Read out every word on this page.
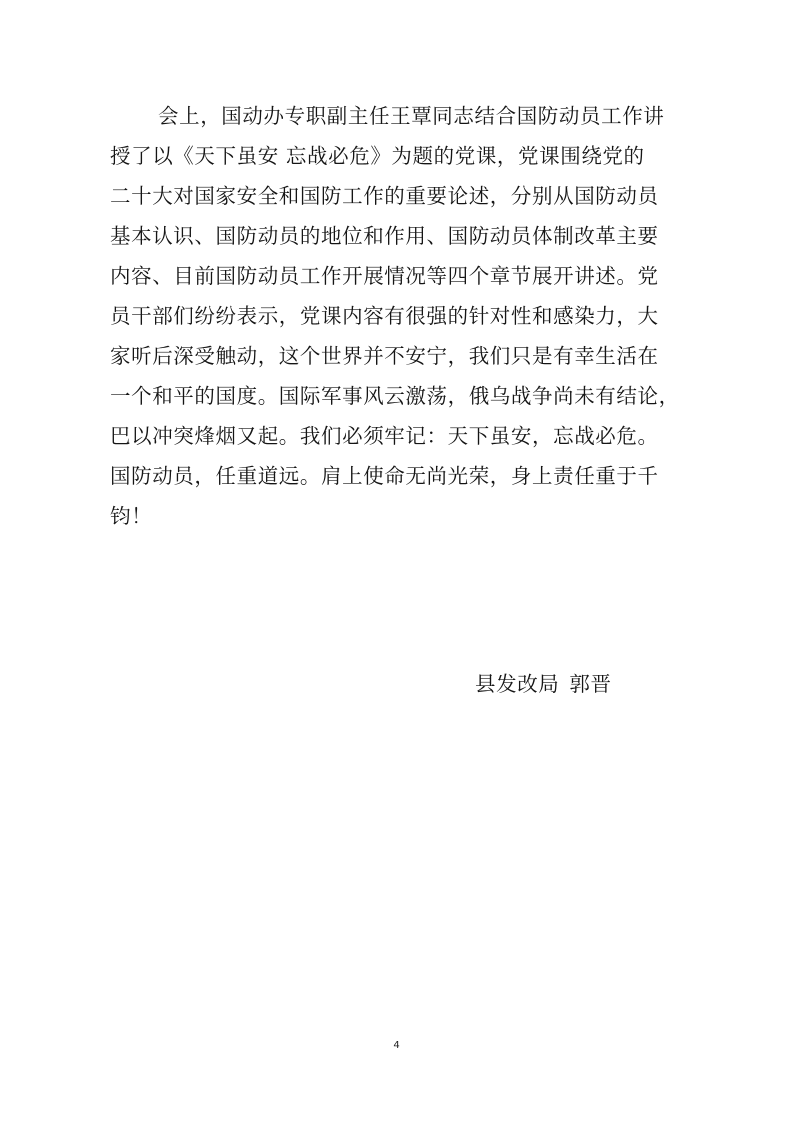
会上，国动办专职副主任王覃同志结合国防动员工作讲
授了以《天下虽安 忘战必危》为题的党课，党课围绕党的
二十大对国家安全和国防工作的重要论述，分别从国防动员
基本认识、国防动员的地位和作用、国防动员体制改革主要
内容、目前国防动员工作开展情况等四个章节展开讲述。党
员干部们纷纷表示，党课内容有很强的针对性和感染力，大
家听后深受触动，这个世界并不安宁，我们只是有幸生活在
一个和平的国度。国际军事风云激荡，俄乌战争尚未有结论，
巴以冲突烽烟又起。我们必须牢记：天下虽安，忘战必危。
国防动员，任重道远。肩上使命无尚光荣，身上责任重于千
钧！
县发改局 郭晋
4
